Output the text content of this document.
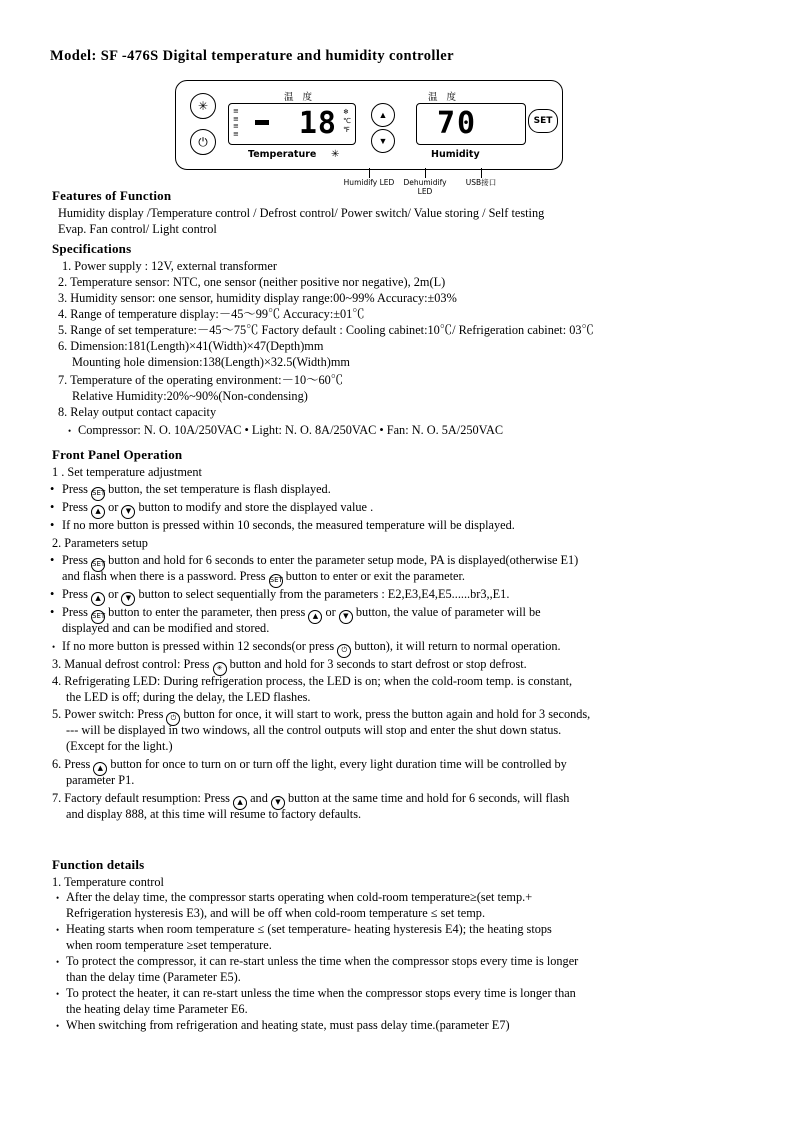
Model: SF -476S Digital temperature and humidity controller
✳
⏻
温 度	温 度
≡
≡
≡
≡ 18 ❄
℃
℉
Temperature ✳
▲
▼ 70
Humidity
SET
Humidify LED	Dehumidify LED
USB接口
Features of Function
Humidity display /Temperature control / Defrost control/ Power switch/ Value storing / Self testing
Evap. Fan control/ Light control
Specifications
1. Power supply : 12V, external transformer
2. Temperature sensor: NTC, one sensor (neither positive nor negative), 2m(L)
3. Humidity sensor: one sensor, humidity display range:00~99% Accuracy:±03%
4. Range of temperature display:－45～99℃ Accuracy:±01℃
5. Range of set temperature:－45～75℃ Factory default : Cooling cabinet:10℃/ Refrigeration cabinet: 03℃
6. Dimension:181(Length)×41(Width)×47(Depth)mm
Mounting hole dimension:138(Length)×32.5(Width)mm
7. Temperature of the operating environment:－10～60℃
Relative Humidity:20%~90%(Non-condensing)
8. Relay output contact capacity
• Compressor: N. O. 10A/250VAC • Light: N. O. 8A/250VAC • Fan: N. O. 5A/250VAC
Front Panel Operation
1 . Set temperature adjustment
• Press SET button, the set temperature is flash displayed.
• Press ▲ or ▼ button to modify and store the displayed value .
• If no more button is pressed within 10 seconds, the measured temperature will be displayed.
2. Parameters setup
• Press SET button and hold for 6 seconds to enter the parameter setup mode, PA is displayed(otherwise E1)
and flash when there is a password. Press SET button to enter or exit the parameter.
• Press ▲ or ▼ button to select sequentially from the parameters : E2,E3,E4,E5......br3,,E1.
• Press SET button to enter the parameter, then press ▲ or ▼ button, the value of parameter will be
displayed and can be modified and stored.
• If no more button is pressed within 12 seconds(or press ⏻ button), it will return to normal operation.
3. Manual defrost control: Press ✳ button and hold for 3 seconds to start defrost or stop defrost.
4. Refrigerating LED: During refrigeration process, the LED is on; when the cold-room temp. is constant,
the LED is off; during the delay, the LED flashes.
5. Power switch: Press ⏻ button for once, it will start to work, press the button again and hold for 3 seconds,
--- will be displayed in two windows, all the control outputs will stop and enter the shut down status.
(Except for the light.)
6. Press ▲ button for once to turn on or turn off the light, every light duration time will be controlled by
parameter P1.
7. Factory default resumption: Press ▲ and ▼ button at the same time and hold for 6 seconds, will flash
and display 888, at this time will resume to factory defaults.
Function details
1. Temperature control
• After the delay time, the compressor starts operating when cold-room temperature≥(set temp.+
Refrigeration hysteresis E3), and will be off when cold-room temperature ≤ set temp.
• Heating starts when room temperature ≤ (set temperature- heating hysteresis E4); the heating stops
when room temperature ≥set temperature.
• To protect the compressor, it can re-start unless the time when the compressor stops every time is longer
than the delay time (Parameter E5).
• To protect the heater, it can re-start unless the time when the compressor stops every time is longer than
the heating delay time Parameter E6.
• When switching from refrigeration and heating state, must pass delay time.(parameter E7)
